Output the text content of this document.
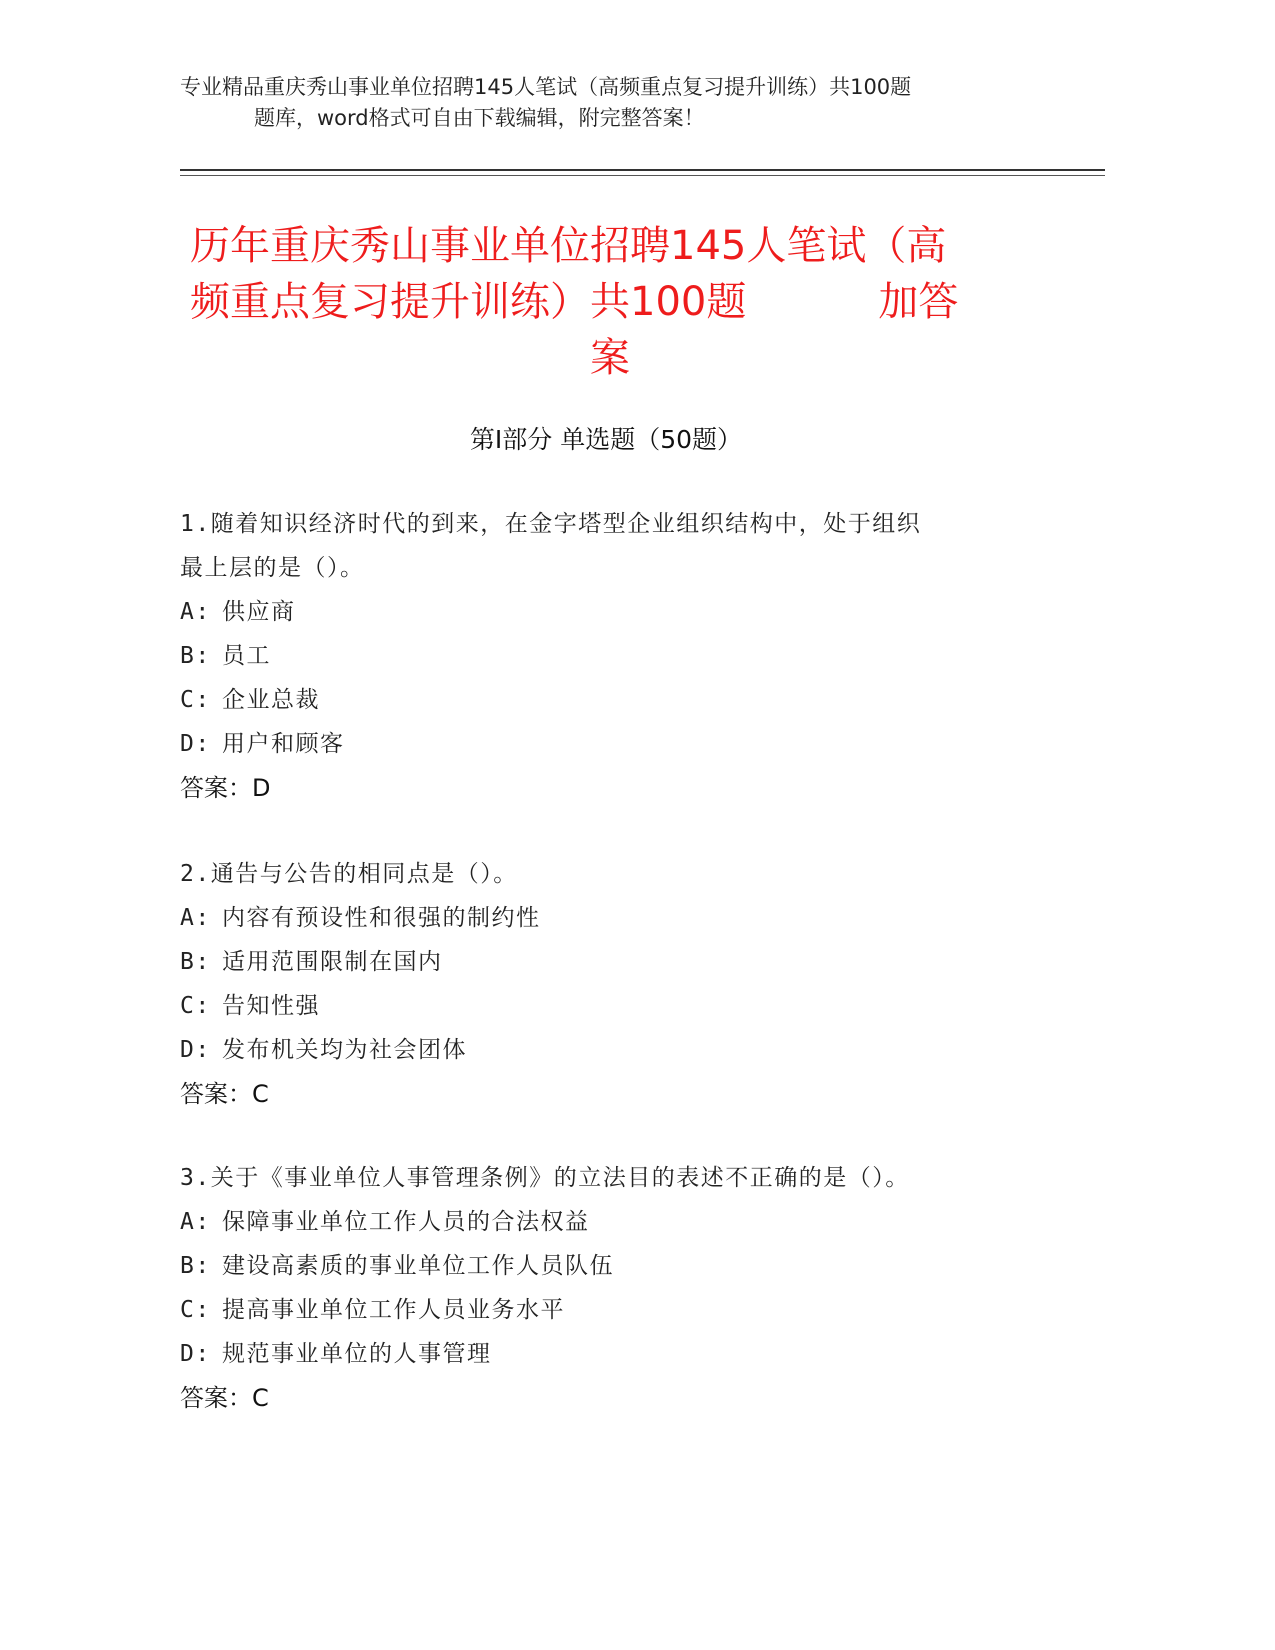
专业精品重庆秀山事业单位招聘145人笔试（高频重点复习提升训练）共100题
题库，word格式可自由下载编辑，附完整答案！
历年重庆秀山事业单位招聘145人笔试（高
频重点复习提升训练）共100题	加答
案
第Ⅰ部分 单选题（50题）
1.随着知识经济时代的到来，在金字塔型企业组织结构中，处于组织
最上层的是（）。
A: 供应商
B: 员工
C: 企业总裁
D: 用户和顾客
答案：D
2.通告与公告的相同点是（）。
A: 内容有预设性和很强的制约性
B: 适用范围限制在国内
C: 告知性强
D: 发布机关均为社会团体
答案：C
3.关于《事业单位人事管理条例》的立法目的表述不正确的是（）。
A: 保障事业单位工作人员的合法权益
B: 建设高素质的事业单位工作人员队伍
C: 提高事业单位工作人员业务水平
D: 规范事业单位的人事管理
答案：C
